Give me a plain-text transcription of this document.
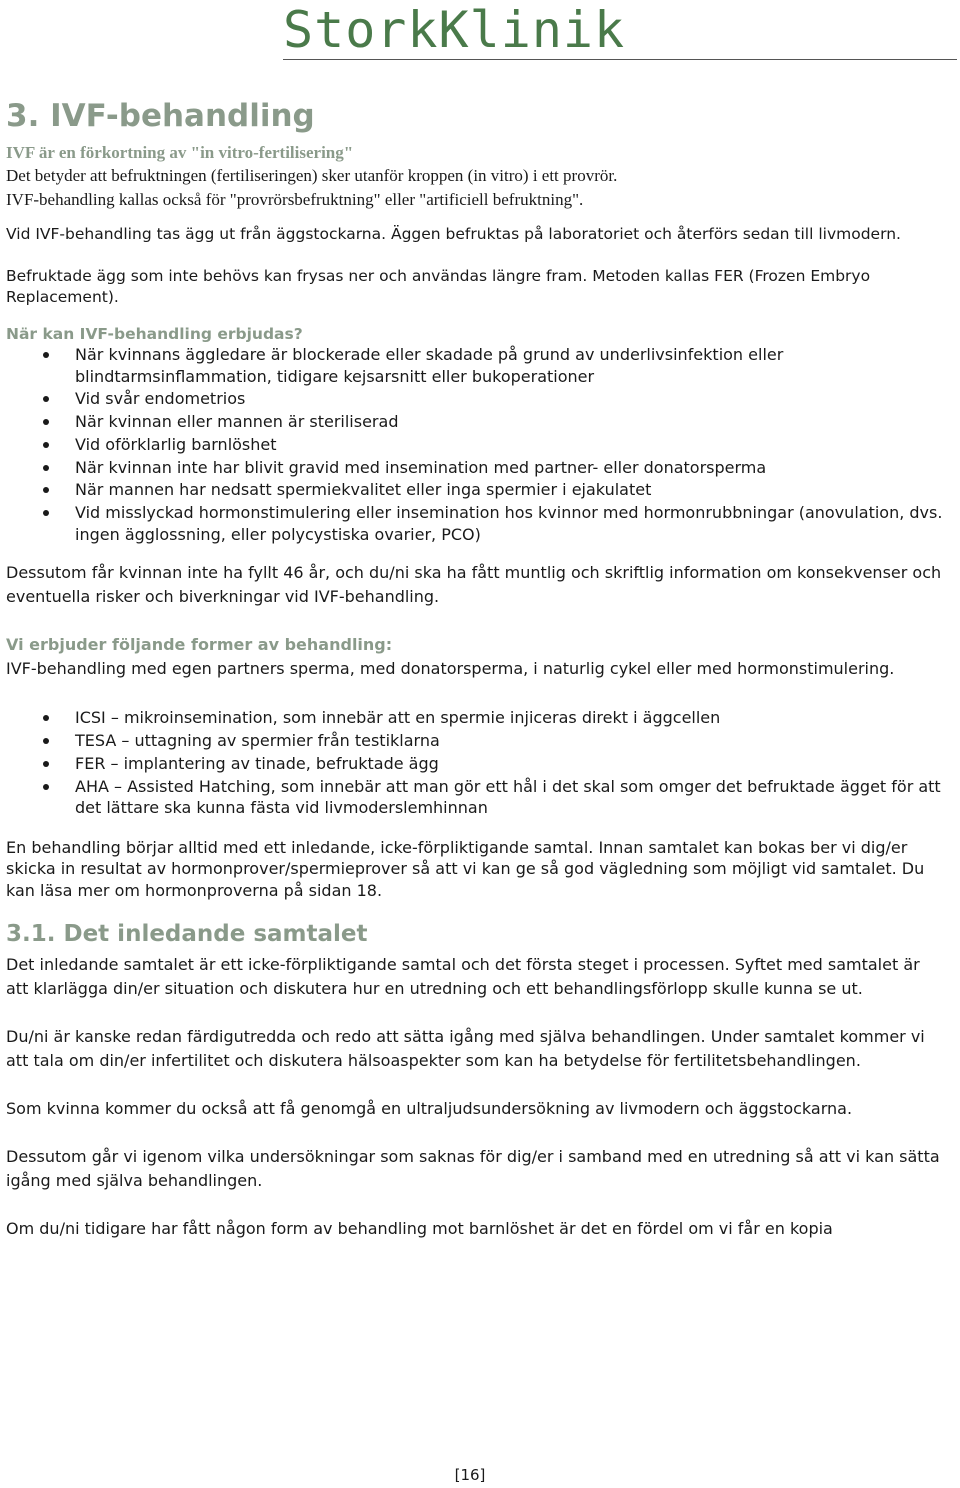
StorkKlinik
3. IVF-behandling

IVF är en förkortning av "in vitro-fertilisering"

Det betyder att befruktningen (fertiliseringen) sker utanför kroppen (in vitro) i ett provrör.

IVF-behandling kallas också för "provrörsbefruktning" eller "artificiell befruktning".

Vid IVF-behandling tas ägg ut från äggstockarna. Äggen befruktas på laboratoriet och återförs sedan till livmodern.

Befruktade ägg som inte behövs kan frysas ner och användas längre fram. Metoden kallas FER (Frozen Embryo Replacement).

När kan IVF-behandling erbjudas?
När kvinnans äggledare är blockerade eller skadade på grund av underlivsinfektion eller blindtarmsinflammation, tidigare kejsarsnitt eller bukoperationer
Vid svår endometrios
När kvinnan eller mannen är steriliserad
Vid oförklarlig barnlöshet
När kvinnan inte har blivit gravid med insemination med partner- eller donatorsperma
När mannen har nedsatt spermiekvalitet eller inga spermier i ejakulatet
Vid misslyckad hormonstimulering eller insemination hos kvinnor med hormonrubbningar (anovulation, dvs. ingen ägglossning, eller polycystiska ovarier, PCO)

Dessutom får kvinnan inte ha fyllt 46 år, och du/ni ska ha fått muntlig och skriftlig information om konsekvenser och eventuella risker och biverkningar vid IVF-behandling.

Vi erbjuder följande former av behandling:

IVF-behandling med egen partners sperma, med donatorsperma, i naturlig cykel eller med hormonstimulering.

ICSI – mikroinsemination, som innebär att en spermie injiceras direkt i äggcellen
TESA – uttagning av spermier från testiklarna
FER – implantering av tinade, befruktade ägg
AHA – Assisted Hatching, som innebär att man gör ett hål i det skal som omger det befruktade ägget för att det lättare ska kunna fästa vid livmoderslemhinnan

En behandling börjar alltid med ett inledande, icke-förpliktigande samtal. Innan samtalet kan bokas ber vi dig/er skicka in resultat av hormonprover/spermieprover så att vi kan ge så god vägledning som möjligt vid samtalet. Du kan läsa mer om hormonproverna på sidan 18.

3.1. Det inledande samtalet

Det inledande samtalet är ett icke-förpliktigande samtal och det första steget i processen. Syftet med samtalet är att klarlägga din/er situation och diskutera hur en utredning och ett behandlingsförlopp skulle kunna se ut.

Du/ni är kanske redan färdigutredda och redo att sätta igång med själva behandlingen. Under samtalet kommer vi att tala om din/er infertilitet och diskutera hälsoaspekter som kan ha betydelse för fertilitetsbehandlingen.

Som kvinna kommer du också att få genomgå en ultraljudsundersökning av livmodern och äggstockarna.

Dessutom går vi igenom vilka undersökningar som saknas för dig/er i samband med en utredning så att vi kan sätta igång med själva behandlingen.

Om du/ni tidigare har fått någon form av behandling mot barnlöshet är det en fördel om vi får en kopia

[16]
